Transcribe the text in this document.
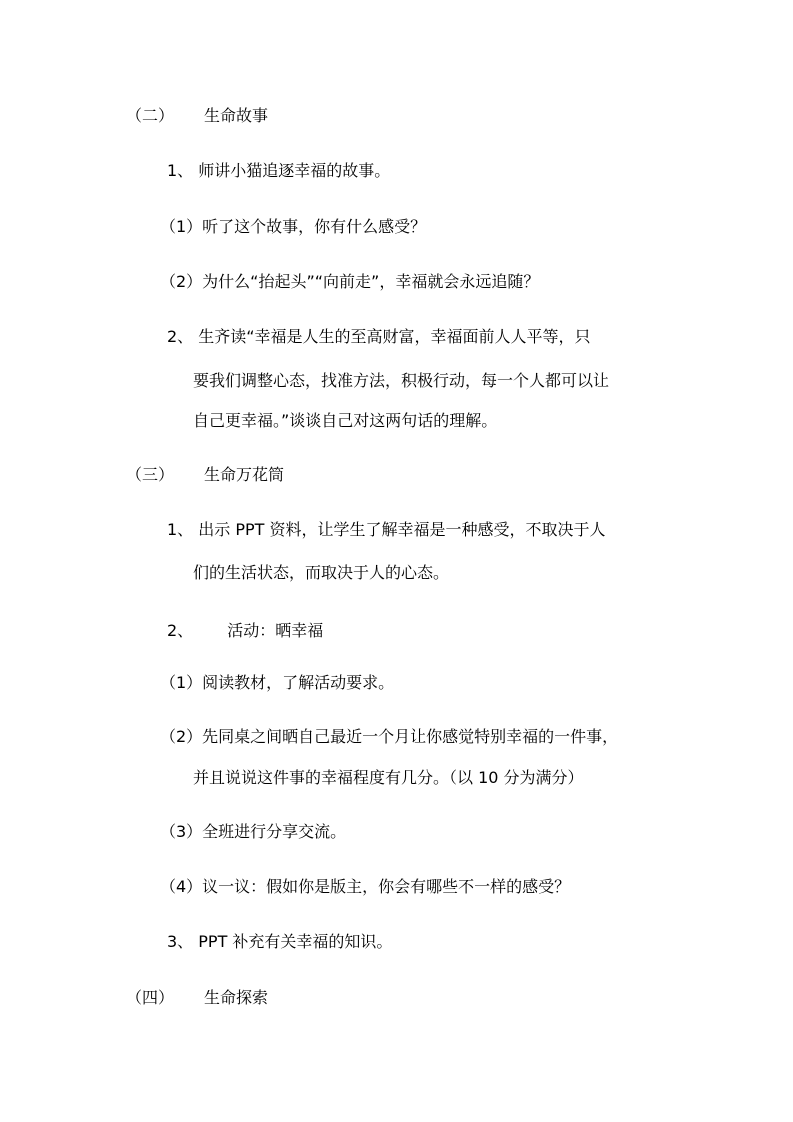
（二） 生命故事
1、 师讲小猫追逐幸福的故事。
（1）听了这个故事，你有什么感受？
（2）为什么“抬起头”“向前走”，幸福就会永远追随？
2、 生齐读“幸福是人生的至高财富，幸福面前人人平等，只
要我们调整心态，找准方法，积极行动，每一个人都可以让
自己更幸福。”谈谈自己对这两句话的理解。
（三） 生命万花筒
1、 出示 PPT 资料，让学生了解幸福是一种感受，不取决于人
们的生活状态，而取决于人的心态。
2、 活动：晒幸福
（1）阅读教材，了解活动要求。
（2）先同桌之间晒自己最近一个月让你感觉特别幸福的一件事，
并且说说这件事的幸福程度有几分。（以 10 分为满分）
（3）全班进行分享交流。
（4）议一议：假如你是版主，你会有哪些不一样的感受？
3、 PPT 补充有关幸福的知识。
（四） 生命探索
